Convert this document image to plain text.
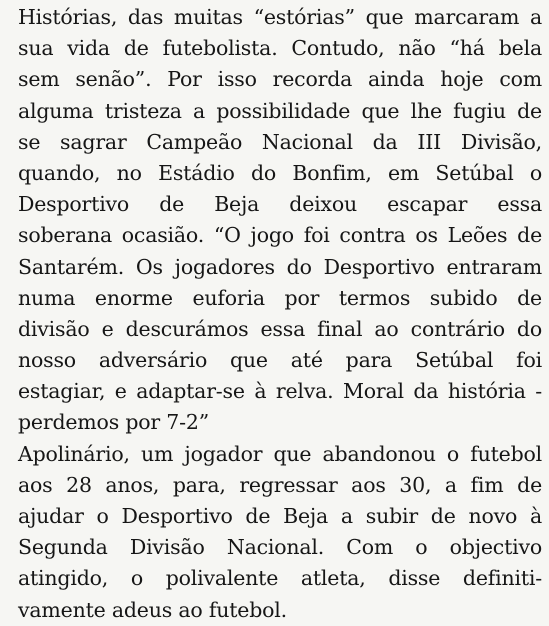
Histórias, das muitas “estórias” que marcaram a
sua vida de futebolista. Contudo, não “há bela
sem senão”. Por isso recorda ainda hoje com
alguma tristeza a possibilidade que lhe fugiu de
se sagrar Campeão Nacional da III Divisão,
quando, no Estádio do Bonfim, em Setúbal o
Desportivo de Beja deixou escapar essa
soberana ocasião. “O jogo foi contra os Leões de
Santarém. Os jogadores do Desportivo entraram
numa enorme euforia por termos subido de
divisão e descurámos essa final ao contrário do
nosso adversário que até para Setúbal foi
estagiar, e adaptar-se à relva. Moral da história -
perdemos por 7-2”
Apolinário, um jogador que abandonou o futebol
aos 28 anos, para, regressar aos 30, a fim de
ajudar o Desportivo de Beja a subir de novo à
Segunda Divisão Nacional. Com o objectivo
atingido, o polivalente atleta, disse definiti-
vamente adeus ao futebol.
